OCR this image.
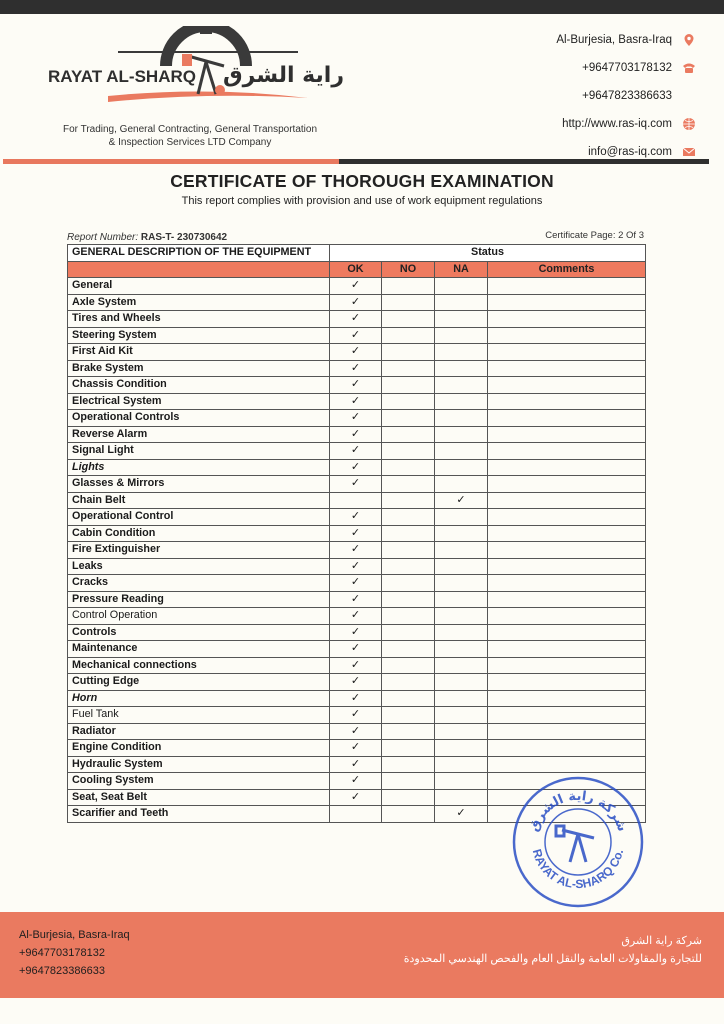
RAYAT AL-SHARQ راية الشرق
For Trading, General Contracting, General Transportation
& Inspection Services LTD Company
Al-Burjesia, Basra-Iraq
+9647703178132
+9647823386633
http://www.ras-iq.com
info@ras-iq.com
CERTIFICATE OF THOROUGH EXAMINATION
This report complies with provision and use of work equipment regulations
Report Number: RAS-T- 230730642	Certificate Page: 2 Of 3
GENERAL DESCRIPTION OF THE EQUIPMENT	Status			
	OK	NO	NA	Comments
General	✓			
Axle System	✓			
Tires and Wheels	✓			
Steering System	✓			
First Aid Kit	✓			
Brake System	✓			
Chassis Condition	✓			
Electrical System	✓			
Operational Controls	✓			
Reverse Alarm	✓			
Signal Light	✓			
Lights	✓			
Glasses & Mirrors	✓			
Chain Belt			✓	
Operational Control	✓			
Cabin Condition	✓			
Fire Extinguisher	✓			
Leaks	✓			
Cracks	✓			
Pressure Reading	✓			
Control Operation	✓			
Controls	✓			
Maintenance	✓			
Mechanical connections	✓			
Cutting Edge	✓			
Horn	✓			
Fuel Tank	✓			
Radiator	✓			
Engine Condition	✓			
Hydraulic System	✓			
Cooling System	✓			
Seat, Seat Belt	✓			
Scarifier and Teeth			✓	
شركة راية الشرق
RAYAT AL-SHARQ Co.
Al-Burjesia, Basra-Iraq
+9647703178132
+9647823386633
شركة راية الشرق
للتجارة والمقاولات العامة والنقل العام والفحص الهندسي المحدودة
